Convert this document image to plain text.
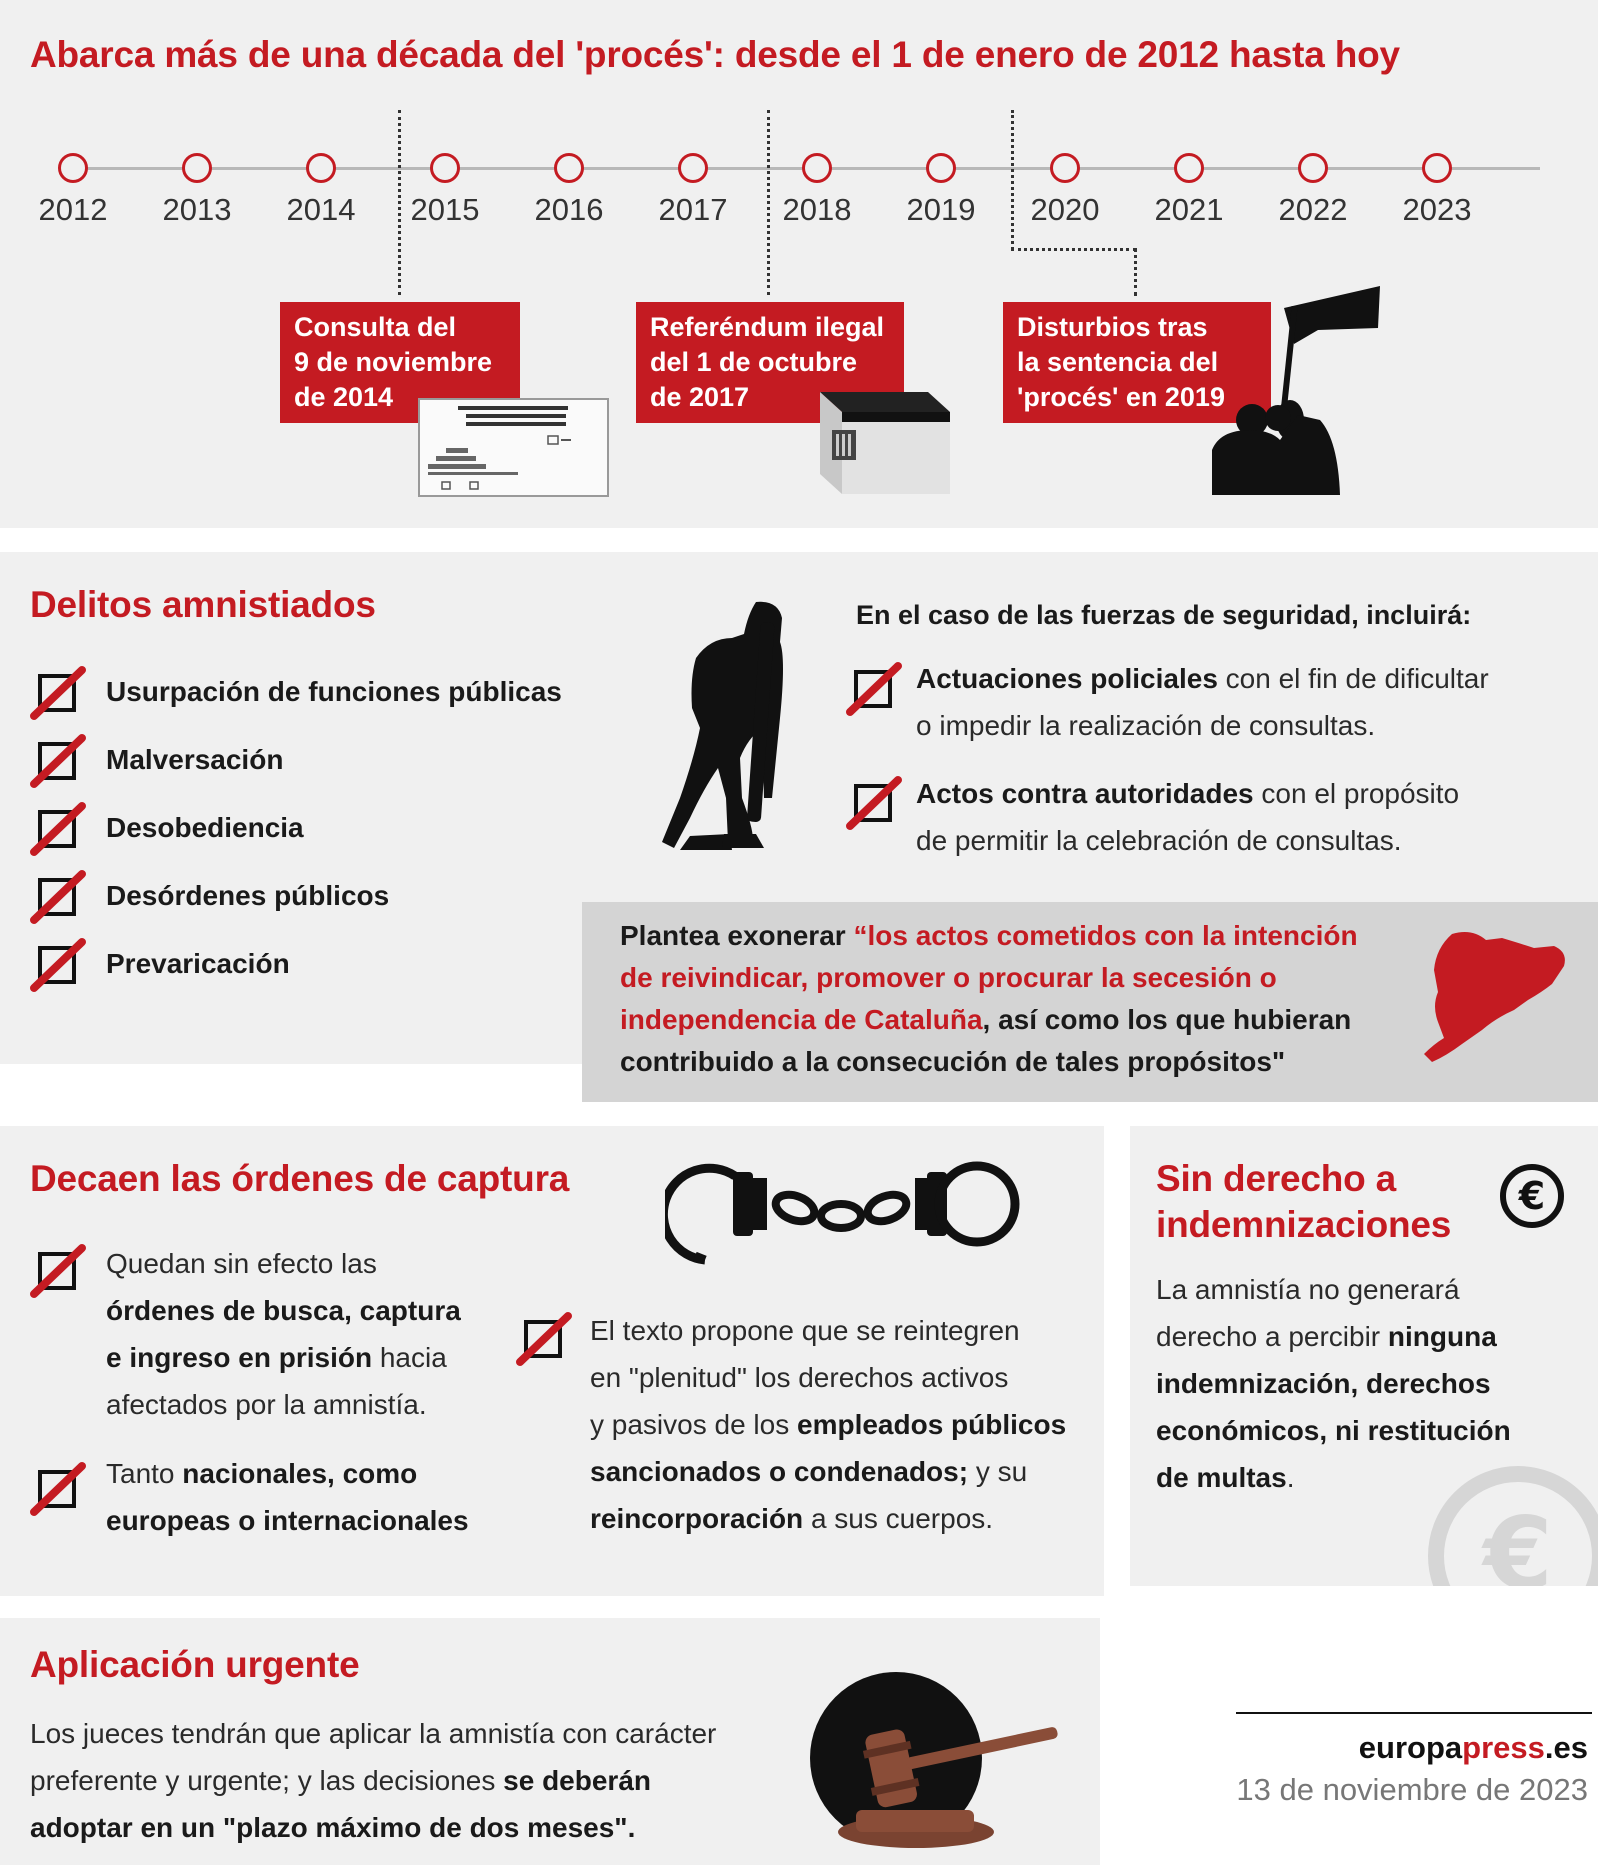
Abarca más de una década del 'procés': desde el 1 de enero de 2012 hasta hoy
2012	2013	2014	2015	2016	2017	2018	2019	2020	2021	2022	2023
Consulta del
9 de noviembre
de 2014
Referéndum ilegal
del 1 de octubre
de 2017
Disturbios tras
la sentencia del
'procés' en 2019
Delitos amnistiados
Usurpación de funciones públicas
Malversación
Desobediencia
Desórdenes públicos
Prevaricación
En el caso de las fuerzas de seguridad, incluirá:
Actuaciones policiales con el fin de dificultar
o impedir la realización de consultas.
Actos contra autoridades con el propósito
de permitir la celebración de consultas.
Plantea exonerar “los actos cometidos con la intención
de reivindicar, promover o procurar la secesión o
independencia de Cataluña, así como los que hubieran
contribuido a la consecución de tales propósitos"
Decaen las órdenes de captura
Quedan sin efecto las
órdenes de busca, captura
e ingreso en prisión hacia
afectados por la amnistía.
Tanto nacionales, como
europeas o internacionales
El texto propone que se reintegren
en "plenitud" los derechos activos
y pasivos de los empleados públicos
sancionados o condenados; y su
reincorporación a sus cuerpos.	€
Sin derecho a
indemnizaciones
€
La amnistía no generará
derecho a percibir ninguna
indemnización, derechos
económicos, ni restitución
de multas.
Aplicación urgente
Los jueces tendrán que aplicar la amnistía con carácter
preferente y urgente; y las decisiones se deberán
adoptar en un "plazo máximo de dos meses".
europapress.es
13 de noviembre de 2023
